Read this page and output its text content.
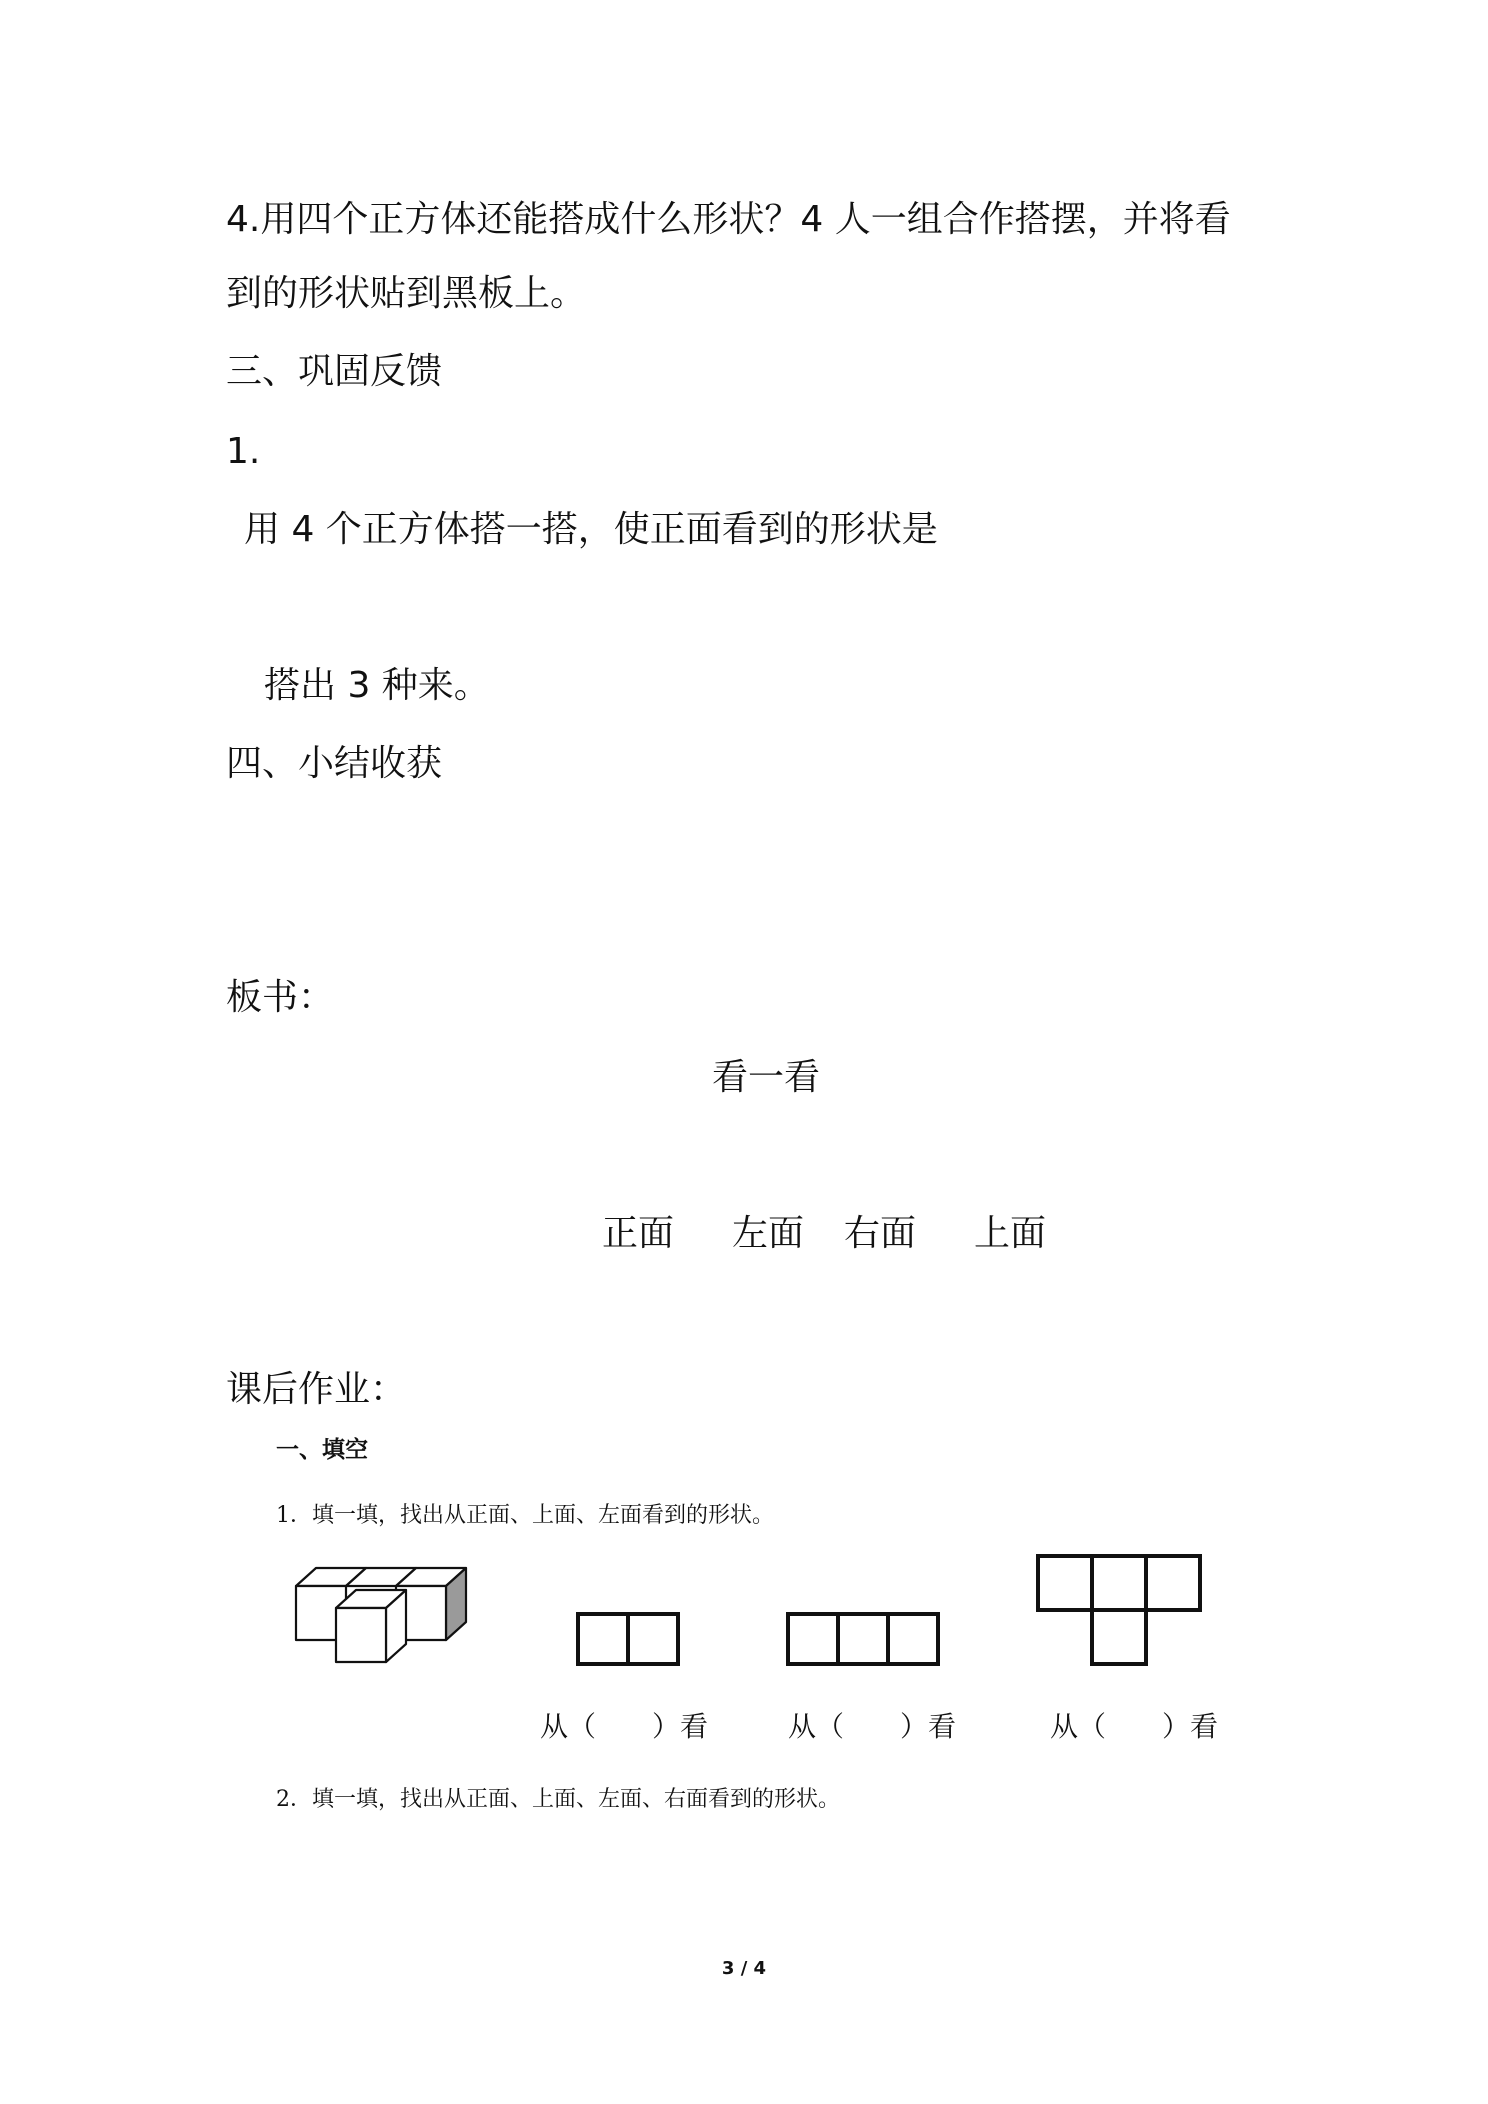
4.用四个正方体还能搭成什么形状？4 人一组合作搭摆，并将看
到的形状贴到黑板上。
三、巩固反馈
1.
用 4 个正方体搭一搭，使正面看到的形状是
搭出 3 种来。
四、小结收获
板书：
看一看
正面 左面 右面 上面
课后作业：
一、填空
1．填一填，找出从正面、上面、左面看到的形状。
从（　　）看	从（　　）看	从（　　）看
2．填一填，找出从正面、上面、左面、右面看到的形状。
3 / 4
